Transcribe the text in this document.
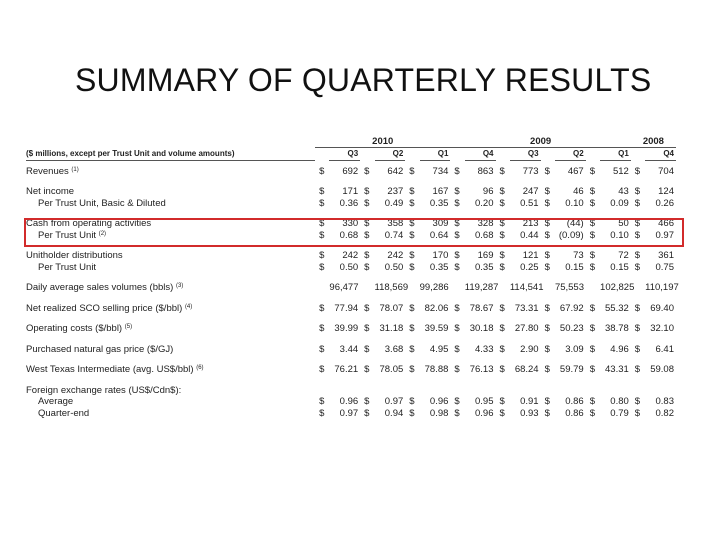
SUMMARY OF QUARTERLY RESULTS
	2010						2009								2008	
($ millions, except per Trust Unit and volume amounts)		Q3		Q2		Q1		Q4		Q3		Q2		Q1		Q4

Revenues $^{(1)}$	$	692	$	642	$	734	$	863	$	773	$	467	$	512	$	704

Net income	$	171	$	237	$	167	$	96	$	247	$	46	$	43	$	124
Per Trust Unit, Basic & Diluted	$	0.36	$	0.49	$	0.35	$	0.20	$	0.51	$	0.10	$	0.09	$	0.26

Cash from operating activities	$	330	$	358	$	309	$	328	$	213	$	(44)	$	50	$	466
Per Trust Unit $^{(2)}$	$	0.68	$	0.74	$	0.64	$	0.68	$	0.44	$	(0.09)	$	0.10	$	0.97

Unitholder distributions	$	242	$	242	$	170	$	169	$	121	$	73	$	72	$	361
Per Trust Unit	$	0.50	$	0.50	$	0.35	$	0.35	$	0.25	$	0.15	$	0.15	$	0.75

Daily average sales volumes (bbls) $^{(3)}$		96,477		118,569		99,286		119,287		114,541		75,553		102,825		110,197

Net realized SCO selling price ($/bbl) $^{(4)}$	$	77.94	$	78.07	$	82.06	$	78.67	$	73.31	$	67.92	$	55.32	$	69.40

Operating costs ($/bbl) $^{(5)}$	$	39.99	$	31.18	$	39.59	$	30.18	$	27.80	$	50.23	$	38.78	$	32.10

Purchased natural gas price ($/GJ)	$	3.44	$	3.68	$	4.95	$	4.33	$	2.90	$	3.09	$	4.96	$	6.41

West Texas Intermediate (avg. US$/bbl) $^{(6)}$	$	76.21	$	78.05	$	78.88	$	76.13	$	68.24	$	59.79	$	43.31	$	59.08

Foreign exchange rates (US$/Cdn$):																
Average	$	0.96	$	0.97	$	0.96	$	0.95	$	0.91	$	0.86	$	0.80	$	0.83
Quarter-end	$	0.97	$	0.94	$	0.98	$	0.96	$	0.93	$	0.86	$	0.79	$	0.82
